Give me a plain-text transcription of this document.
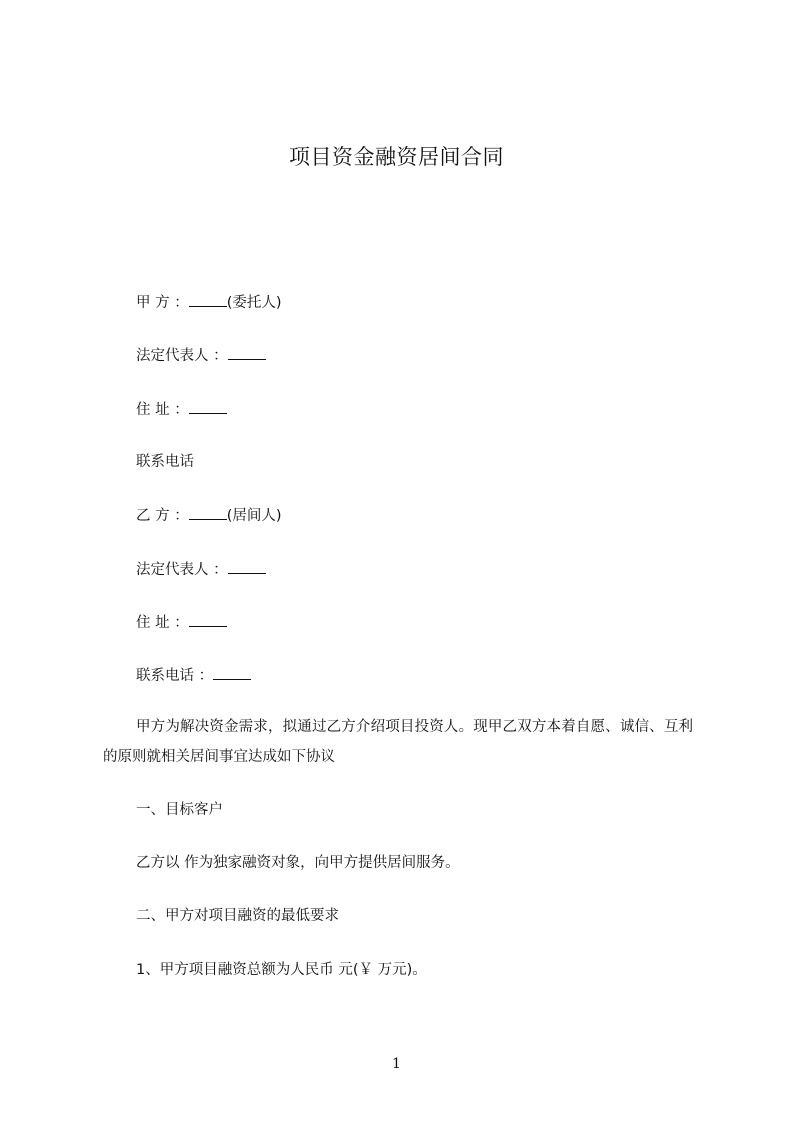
项目资金融资居间合同
甲 方 ：	(委托人)
法定代表人 ：
住 址 ：
联系电话
乙 方 ：	(居间人)
法定代表人 ：
住 址 ：
联系电话 ：
甲方为解决资金需求，拟通过乙方介绍项目投资人。现甲乙双方本着自愿、诚信、互利的原则就相关居间事宜达成如下协议
一、目标客户
乙方以 作为独家融资对象，向甲方提供居间服务。
二、甲方对项目融资的最低要求
1、甲方项目融资总额为人民币 元(￥ 万元)。
1
